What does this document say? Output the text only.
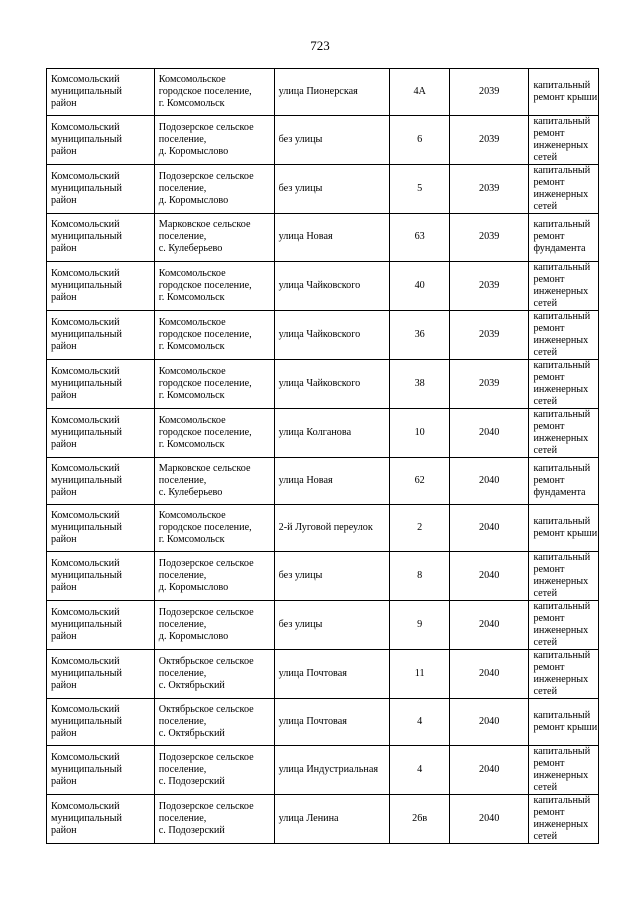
723
Комсомольский
муниципальный
район	Комсомольское
городское поселение,
г. Комсомольск	улица Пионерская	4А	2039	капитальный
ремонт крыши

Комсомольский
муниципальный
район	Подозерское сельское
поселение,
д. Коромыслово	без улицы	6	2039	капитальный
ремонт
инженерных
сетей

Комсомольский
муниципальный
район	Подозерское сельское
поселение,
д. Коромыслово	без улицы	5	2039	капитальный
ремонт
инженерных
сетей

Комсомольский
муниципальный
район	Марковское сельское
поселение,
с. Кулеберьево	улица Новая	63	2039	капитальный
ремонт
фундамента

Комсомольский
муниципальный
район	Комсомольское
городское поселение,
г. Комсомольск	улица Чайковского	40	2039	капитальный
ремонт
инженерных
сетей

Комсомольский
муниципальный
район	Комсомольское
городское поселение,
г. Комсомольск	улица Чайковского	36	2039	капитальный
ремонт
инженерных
сетей

Комсомольский
муниципальный
район	Комсомольское
городское поселение,
г. Комсомольск	улица Чайковского	38	2039	капитальный
ремонт
инженерных
сетей

Комсомольский
муниципальный
район	Комсомольское
городское поселение,
г. Комсомольск	улица Колганова	10	2040	капитальный
ремонт
инженерных
сетей

Комсомольский
муниципальный
район	Марковское сельское
поселение,
с. Кулеберьево	улица Новая	62	2040	капитальный
ремонт
фундамента

Комсомольский
муниципальный
район	Комсомольское
городское поселение,
г. Комсомольск	2-й Луговой переулок	2	2040	капитальный
ремонт крыши

Комсомольский
муниципальный
район	Подозерское сельское
поселение,
д. Коромыслово	без улицы	8	2040	капитальный
ремонт
инженерных
сетей

Комсомольский
муниципальный
район	Подозерское сельское
поселение,
д. Коромыслово	без улицы	9	2040	капитальный
ремонт
инженерных
сетей

Комсомольский
муниципальный
район	Октябрьское сельское
поселение,
с. Октябрьский	улица Почтовая	11	2040	капитальный
ремонт
инженерных
сетей

Комсомольский
муниципальный
район	Октябрьское сельское
поселение,
с. Октябрьский	улица Почтовая	4	2040	капитальный
ремонт крыши

Комсомольский
муниципальный
район	Подозерское сельское
поселение,
с. Подозерский	улица Индустриальная	4	2040	капитальный
ремонт
инженерных
сетей

Комсомольский
муниципальный
район	Подозерское сельское
поселение,
с. Подозерский	улица Ленина	26в	2040	капитальный
ремонт
инженерных
сетей
